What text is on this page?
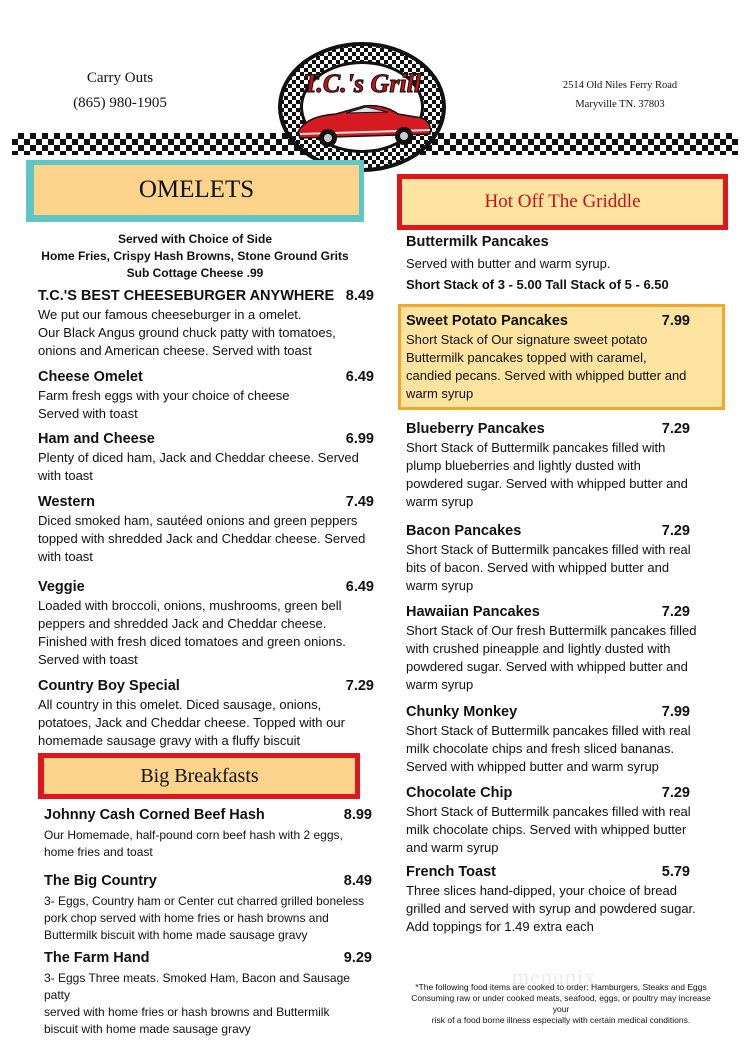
Carry Outs
(865) 980-1905
2514 Old Niles Ferry Road
Maryville TN. 37803
T.C.'s Grill
OMELETS
Served with Choice of Side
Home Fries, Crispy Hash Browns, Stone Ground Grits
Sub Cottage Cheese .99
T.C.'S BEST CHEESEBURGER ANYWHERE 8.49
We put our famous cheeseburger in a omelet.
Our Black Angus ground chuck patty with tomatoes,
onions and American cheese. Served with toast
Cheese Omelet	6.49
Farm fresh eggs with your choice of cheese
Served with toast
Ham and Cheese	6.99
Plenty of diced ham, Jack and Cheddar cheese. Served
with toast
Western	7.49
Diced smoked ham, sautéed onions and green peppers
topped with shredded Jack and Cheddar cheese. Served
with toast
Veggie	6.49
Loaded with broccoli, onions, mushrooms, green bell
peppers and shredded Jack and Cheddar cheese.
Finished with fresh diced tomatoes and green onions.
Served with toast
Country Boy Special	7.29
All country in this omelet. Diced sausage, onions,
potatoes, Jack and Cheddar cheese. Topped with our
homemade sausage gravy with a fluffy biscuit
Big Breakfasts
Johnny Cash Corned Beef Hash	8.99
Our Homemade, half-pound corn beef hash with 2 eggs,
home fries and toast
The Big Country	8.49
3- Eggs, Country ham or Center cut charred grilled boneless
pork chop served with home fries or hash browns and
Buttermilk biscuit with home made sausage gravy
The Farm Hand	9.29
3- Eggs Three meats. Smoked Ham, Bacon and Sausage patty
served with home fries or hash browns and Buttermilk
biscuit with home made sausage gravy
Hot Off The Griddle
Buttermilk Pancakes
Served with butter and warm syrup.
Short Stack of 3 - 5.00 Tall Stack of 5 - 6.50
Sweet Potato Pancakes	7.99
Short Stack of Our signature sweet potato
Buttermilk pancakes topped with caramel,
candied pecans. Served with whipped butter and
warm syrup
Blueberry Pancakes	7.29
Short Stack of Buttermilk pancakes filled with
plump blueberries and lightly dusted with
powdered sugar. Served with whipped butter and
warm syrup
Bacon Pancakes	7.29
Short Stack of Buttermilk pancakes filled with real
bits of bacon. Served with whipped butter and
warm syrup
Hawaiian Pancakes	7.29
Short Stack of Our fresh Buttermilk pancakes filled
with crushed pineapple and lightly dusted with
powdered sugar. Served with whipped butter and
warm syrup
Chunky Monkey	7.99
Short Stack of Buttermilk pancakes filled with real
milk chocolate chips and fresh sliced bananas.
Served with whipped butter and warm syrup
Chocolate Chip	7.29
Short Stack of Buttermilk pancakes filled with real
milk chocolate chips. Served with whipped butter
and warm syrup
French Toast	5.79
Three slices hand-dipped, your choice of bread
grilled and served with syrup and powdered sugar.
Add toppings for 1.49 extra each
menupix
*The following food items are cooked to order: Hamburgers, Steaks and Eggs
Consuming raw or under cooked meats, seafood, eggs, or poultry may increase your
risk of a food borne illness especially with certain medical conditions.
